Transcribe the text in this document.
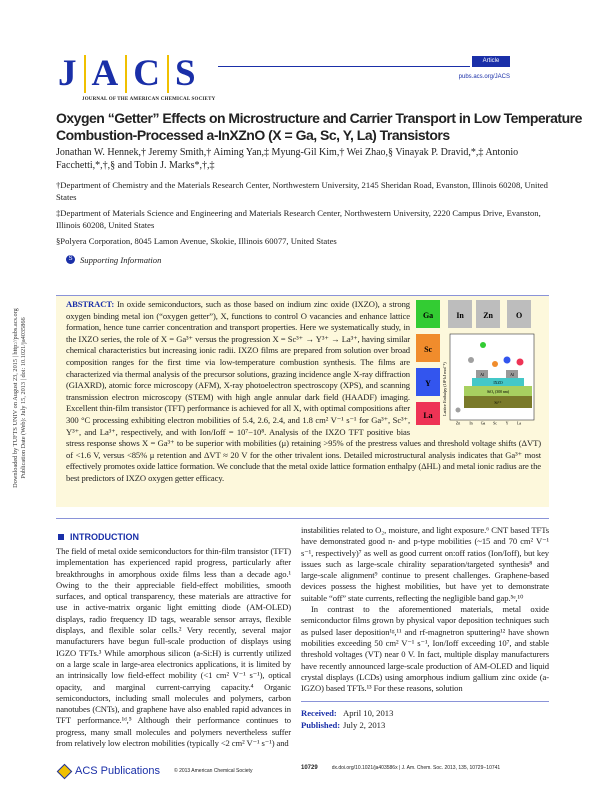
Downloaded by TUFTS UNIV on August 23, 2015 | http://pubs.acs.org
Publication Date (Web): July 15, 2013 | doi: 10.1021/ja4035866
J A C S
JOURNAL OF THE AMERICAN CHEMICAL SOCIETY
Article
pubs.acs.org/JACS
Oxygen “Getter” Effects on Microstructure and Carrier Transport in Low Temperature Combustion-Processed a-InXZnO (X = Ga, Sc, Y, La) Transistors
Jonathan W. Hennek,† Jeremy Smith,† Aiming Yan,‡ Myung-Gil Kim,† Wei Zhao,§ Vinayak P. Dravid,*,‡ Antonio Facchetti,*,†,§ and Tobin J. Marks*,†,‡
†Department of Chemistry and the Materials Research Center, Northwestern University, 2145 Sheridan Road, Evanston, Illinois 60208, United States
‡Department of Materials Science and Engineering and Materials Research Center, Northwestern University, 2220 Campus Drive, Evanston, Illinois 60208, United States
§Polyera Corporation, 8045 Lamon Avenue, Skokie, Illinois 60077, United States
S Supporting Information
Ga	In Zn	O
Sc
Y
La Lattice Enthalpy (10³ kJ mol⁻¹)	Al	Al
IXZO
SiO₂ (300 nm)
Si⁺⁺
Zn In Ga Sc Y La
ABSTRACT: In oxide semiconductors, such as those based on indium zinc oxide (IXZO), a strong oxygen binding metal ion (“oxygen getter”), X, functions to control O vacancies and enhance lattice formation, hence tune carrier concentration and transport properties. Here we systematically study, in the IXZO series, the role of X = Ga³⁺ versus the progression X = Sc³⁺ → Y³⁺ → La³⁺, having similar chemical characteristics but increasing ionic radii. IXZO films are prepared from solution over broad composition ranges for the first time via low-temperature combustion synthesis. The films are characterized via thermal analysis of the precursor solutions, grazing incidence angle X-ray diffraction (GIAXRD), atomic force microscopy (AFM), X-ray photoelectron spectroscopy (XPS), and scanning transmission electron microscopy (STEM) with high angle annular dark field (HAADF) imaging. Excellent thin-film transistor (TFT) performance is achieved for all X, with optimal compositions after 300 °C processing exhibiting electron mobilities of 5.4, 2.6, 2.4, and 1.8 cm² V⁻¹ s⁻¹ for Ga³⁺, Sc³⁺, Y³⁺, and La³⁺, respectively, and with Ion/Ioff = 10⁷−10⁸. Analysis of the IXZO TFT positive bias stress response shows X = Ga³⁺ to be superior with mobilities (μ) retaining >95% of the prestress values and threshold voltage shifts (ΔVT) of <1.6 V, versus <85% μ retention and ΔVT ≈ 20 V for the other trivalent ions. Detailed microstructural analysis indicates that Ga³⁺ most effectively promotes oxide lattice formation. We conclude that the metal oxide lattice formation enthalpy (ΔHL) and metal ionic radius are the best predictors of IXZO oxygen getter efficacy.
INTRODUCTION

The field of metal oxide semiconductors for thin-film transistor (TFT) implementation has experienced rapid progress, particularly after breakthroughs in amorphous oxide films less than a decade ago.¹ Owing to the their appreciable field-effect mobilities, smooth surfaces, and optical transparency, these materials are attractive for use in active-matrix organic light emitting diode (AM-OLED) displays, radio frequency ID tags, wearable sensor arrays, flexible displays, and flexible solar cells.² Very recently, several major manufacturers have begun full-scale production of displays using IGZO TFTs.³ While amorphous silicon (a-Si:H) is currently utilized on a large scale in large-area electronics applications, it is limited by an intrinsically low field-effect mobility (<1 cm² V⁻¹ s⁻¹), optical opacity, and marginal current-carrying capacity.⁴ Organic semiconductors, including small molecules and polymers, carbon nanotubes (CNTs), and graphene have also enabled rapid advances in TFT performance.¹ᵈ,⁵ Although their performance continues to progress, many small molecules and polymers nevertheless suffer from relatively low electron mobilities (typically <2 cm² V⁻¹ s⁻¹) and

ACS Publications	© 2013 American Chemical Society

instabilities related to O₂, moisture, and light exposure.⁶ CNT based TFTs have demonstrated good n- and p-type mobilities (~15 and 70 cm² V⁻¹ s⁻¹, respectively)⁷ as well as good current on:off ratios (Ion/Ioff), but key issues such as large-scale chirality separation/targeted synthesis⁸ and large-scale alignment⁹ continue to present challenges. Graphene-based devices possess the highest mobilities, but have yet to demonstrate suitable “off” state currents, reflecting the negligible band gap.⁵ᵉ,¹⁰

In contrast to the aforementioned materials, metal oxide semiconductor films grown by physical vapor deposition techniques such as pulsed laser deposition¹ᵍ,¹¹ and rf-magnetron sputtering¹² have shown mobilities exceeding 50 cm² V⁻¹ s⁻¹, Ion/Ioff exceeding 10⁷, and stable threshold voltages (VT) near 0 V. In fact, multiple display manufacturers have recently announced large-scale production of AM-OLED and liquid crystal displays (LCDs) using amorphous indium gallium zinc oxide (a-IGZO) based TFTs.¹³ For these reasons, solution

Received: April 10, 2013
Published: July 2, 2013
10729	dx.doi.org/10.1021/ja403586x | J. Am. Chem. Soc. 2013, 135, 10729−10741
